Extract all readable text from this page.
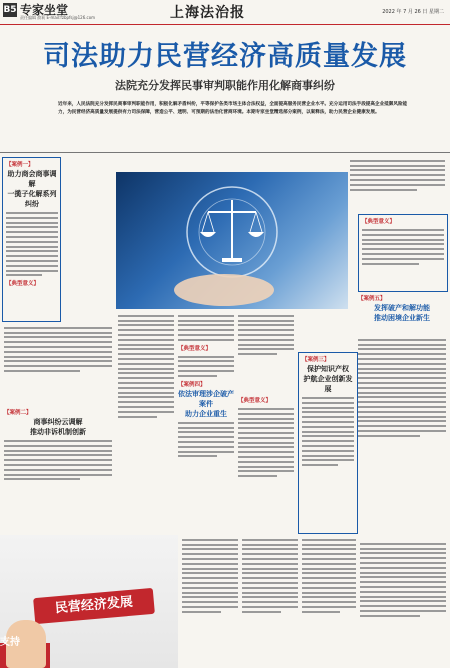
B5 专家坐堂
责任编辑 俞莉 E-mail:fzbpfsj@126.com	上海法治报	2022 年 7 月 26 日 星期二
司法助力民营经济高质量发展
法院充分发挥民事审判职能作用化解商事纠纷
近年来，人民法院充分发挥民商事审判职能作用，积极化解矛盾纠纷，平等保护各类市场主体合法权益，全面提高服务民营企业水平。充分运用司法手段提高企业抵御风险能力，为民营经济高质量发展提供有力司法保障，营造公平、透明、可预期的法治化营商环境。本期专家坐堂精选部分案例，以案释法，助力民营企业健康发展。
【案例一】
助力商会商事调解
一揽子化解系列纠纷
【典型意义】
【案例二】
商事纠纷云调解
推动非诉机制创新
【典型意义】
【案例五】
发挥破产和解功能
推动困境企业新生
【典型意义】
【案例四】
依法审理涉企破产案件
助力企业重生
【案例三】
保护知识产权
护航企业创新发展
【典型意义】
民营经济发展
支持
